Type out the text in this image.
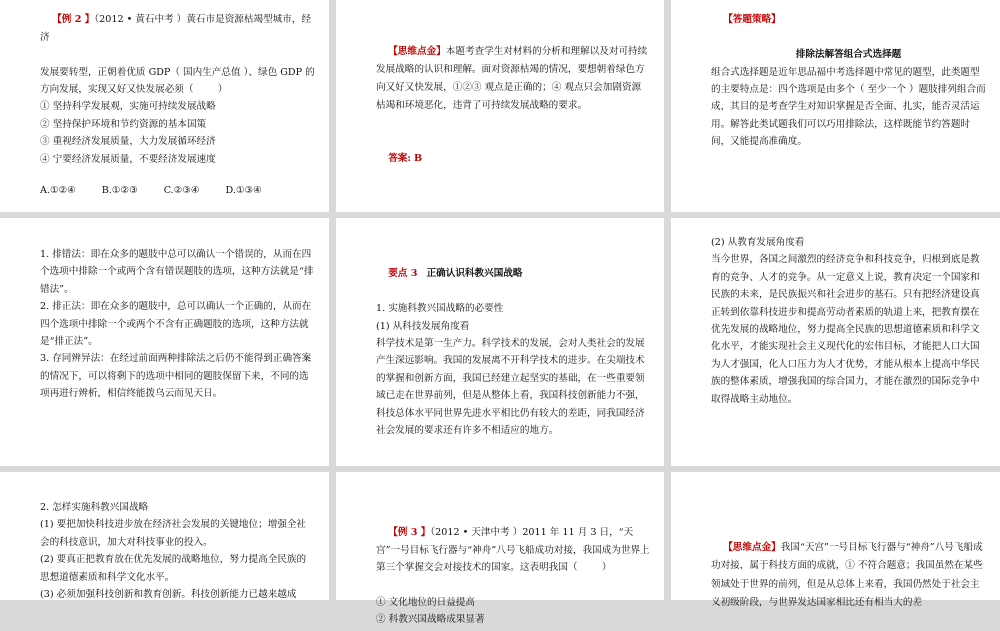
【例 2 】（2012 • 黄石中考 ）黄石市是资源枯竭型城市，经济

发展要转型，正朝着优质 GDP（ 国内生产总值 ）、绿色 GDP 的

方向发展，实现又好又快发展必须（        ）

① 坚持科学发展观，实施可持续发展战略

② 坚持保护环境和节约资源的基本国策

③ 重视经济发展质量，大力发展循环经济

④ 宁要经济发展质量，不要经济发展速度

A.①②④	B.①②③	C.②③④	D.①③④

【思维点金】本题考查学生对材料的分析和理解以及对可持续发展战略的认识和理解。面对资源枯竭的情况，要想朝着绿色方向又好又快发展，①②③ 观点是正确的；④ 观点只会加剧资源枯竭和环境恶化，违背了可持续发展战略的要求。

答案: B

【答题策略】

排除法解答组合式选择题

组合式选择题是近年思品福中考选择题中常见的题型，此类题型的主要特点是：四个选项是由多个（ 至少一个 ）题肢排列组合而成，其目的是考查学生对知识掌握是否全面、扎实，能否灵活运用。解答此类试题我们可以巧用排除法，这样既能节约答题时间，又能提高准确度。

1. 排错法：即在众多的题肢中总可以确认一个错误的，从而在四个选项中排除一个或两个含有错误题肢的选项，这种方法就是“排错法”。

2. 排正法：即在众多的题肢中，总可以确认一个正确的，从而在四个选项中排除一个或两个不含有正确题肢的选项，这种方法就是“排正法”。

3. 存同辨异法：在经过前面两种排除法之后仍不能得到正确答案的情况下，可以将剩下的选项中相同的题肢保留下来，不同的选项再进行辨析，相信终能拨乌云而见天日。

要点 3 正确认识科教兴国战略

1. 实施科教兴国战略的必要性

(1) 从科技发展角度看

科学技术是第一生产力。科学技术的发展，会对人类社会的发展产生深远影响。我国的发展离不开科学技术的进步。在尖端技术的掌握和创新方面，我国已经建立起坚实的基础，在一些重要领域已走在世界前列，但是从整体上看，我国科技创新能力不强，科技总体水平同世界先进水平相比仍有较大的差距，同我国经济社会发展的要求还有许多不相适应的地方。

(2) 从教育发展角度看

当今世界，各国之间激烈的经济竞争和科技竞争，归根到底是教育的竞争、人才的竞争。从一定意义上说，教育决定一个国家和民族的未来，是民族振兴和社会进步的基石。只有把经济建设真正转到依靠科技进步和提高劳动者素质的轨道上来，把教育摆在优先发展的战略地位，努力提高全民族的思想道德素质和科学文化水平，才能实现社会主义现代化的宏伟目标，才能把人口大国为人才强国，化人口压力为人才优势，才能从根本上提高中华民族的整体素质，增强我国的综合国力，才能在激烈的国际竞争中取得战略主动地位。

2. 怎样实施科教兴国战略

(1) 要把加快科技进步放在经济社会发展的关键地位；增强全社会的科技意识，加大对科技事业的投入。

(2) 要真正把教育放在优先发展的战略地位，努力提高全民族的思想道德素质和科学文化水平。

(3) 必须加强科技创新和教育创新。科技创新能力已越来越成

【例 3 】（2012 • 天津中考 ）2011 年 11 月 3 日，“天宫”一号目标飞行器与“神舟”八号飞船成功对接，我国成为世界上第三个掌握交会对接技术的国家。这表明我国（        ）

① 文化地位的日益提高

② 科教兴国战略成果显著

【思维点金】我国“天宫”一号目标飞行器与“神舟”八号飞船成功对接，属于科技方面的成就，① 不符合题意；我国虽然在某些领域处于世界的前列，但是从总体上来看，我国仍然处于社会主义初级阶段，与世界发达国家相比还有相当大的差
